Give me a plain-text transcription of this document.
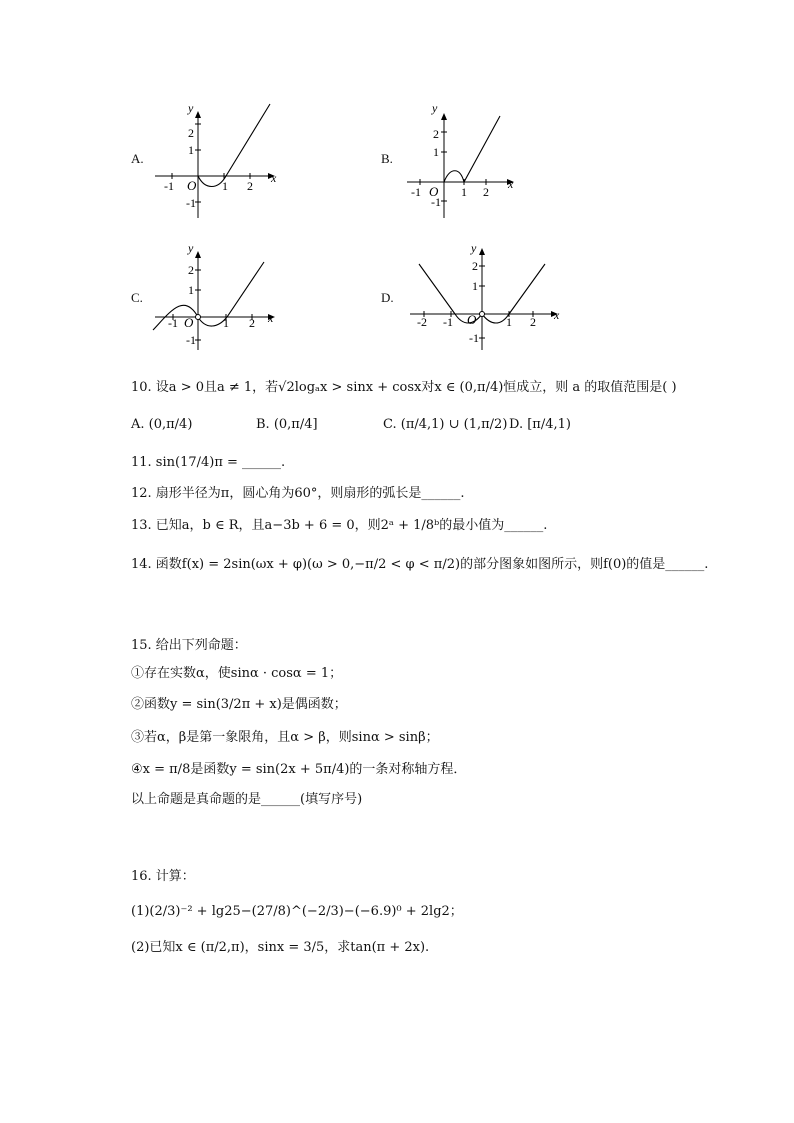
A.
y
x
O
-1	1 2
1
2
-1
B.
y
x
O
-1	1 2
1
2
-1
C.
y
x
O
-1	1 2
1
2
-1
D.
y
x
O
-2 -1	1 2
1
2
-1
10. 设a > 0且a ≠ 1，若√2logₐx > sinx + cosx对x ∈ (0,π/4)恒成立，则 a 的取值范围是( )
A. (0,π/4)	B. (0,π/4]	C. (π/4,1) ∪ (1,π/2) D. [π/4,1)
11. sin(17/4)π = ______.
12. 扇形半径为π，圆心角为60°，则扇形的弧长是______.
13. 已知a，b ∈ R，且a−3b + 6 = 0，则2ᵃ + 1/8ᵇ的最小值为______.
14. 函数f(x) = 2sin(ωx + φ)(ω > 0,−π/2 < φ < π/2)的部分图象如图所示，则f(0)的值是______.
15. 给出下列命题：
①存在实数α，使sinα · cosα = 1；
②函数y = sin(3/2π + x)是偶函数；
③若α，β是第一象限角，且α > β，则sinα > sinβ；
④x = π/8是函数y = sin(2x + 5π/4)的一条对称轴方程．
以上命题是真命题的是______(填写序号)
16. 计算：
(1)(2/3)⁻² + lg25−(27/8)^(−2/3)−(−6.9)⁰ + 2lg2；
(2)已知x ∈ (π/2,π)，sinx = 3/5，求tan(π + 2x).
